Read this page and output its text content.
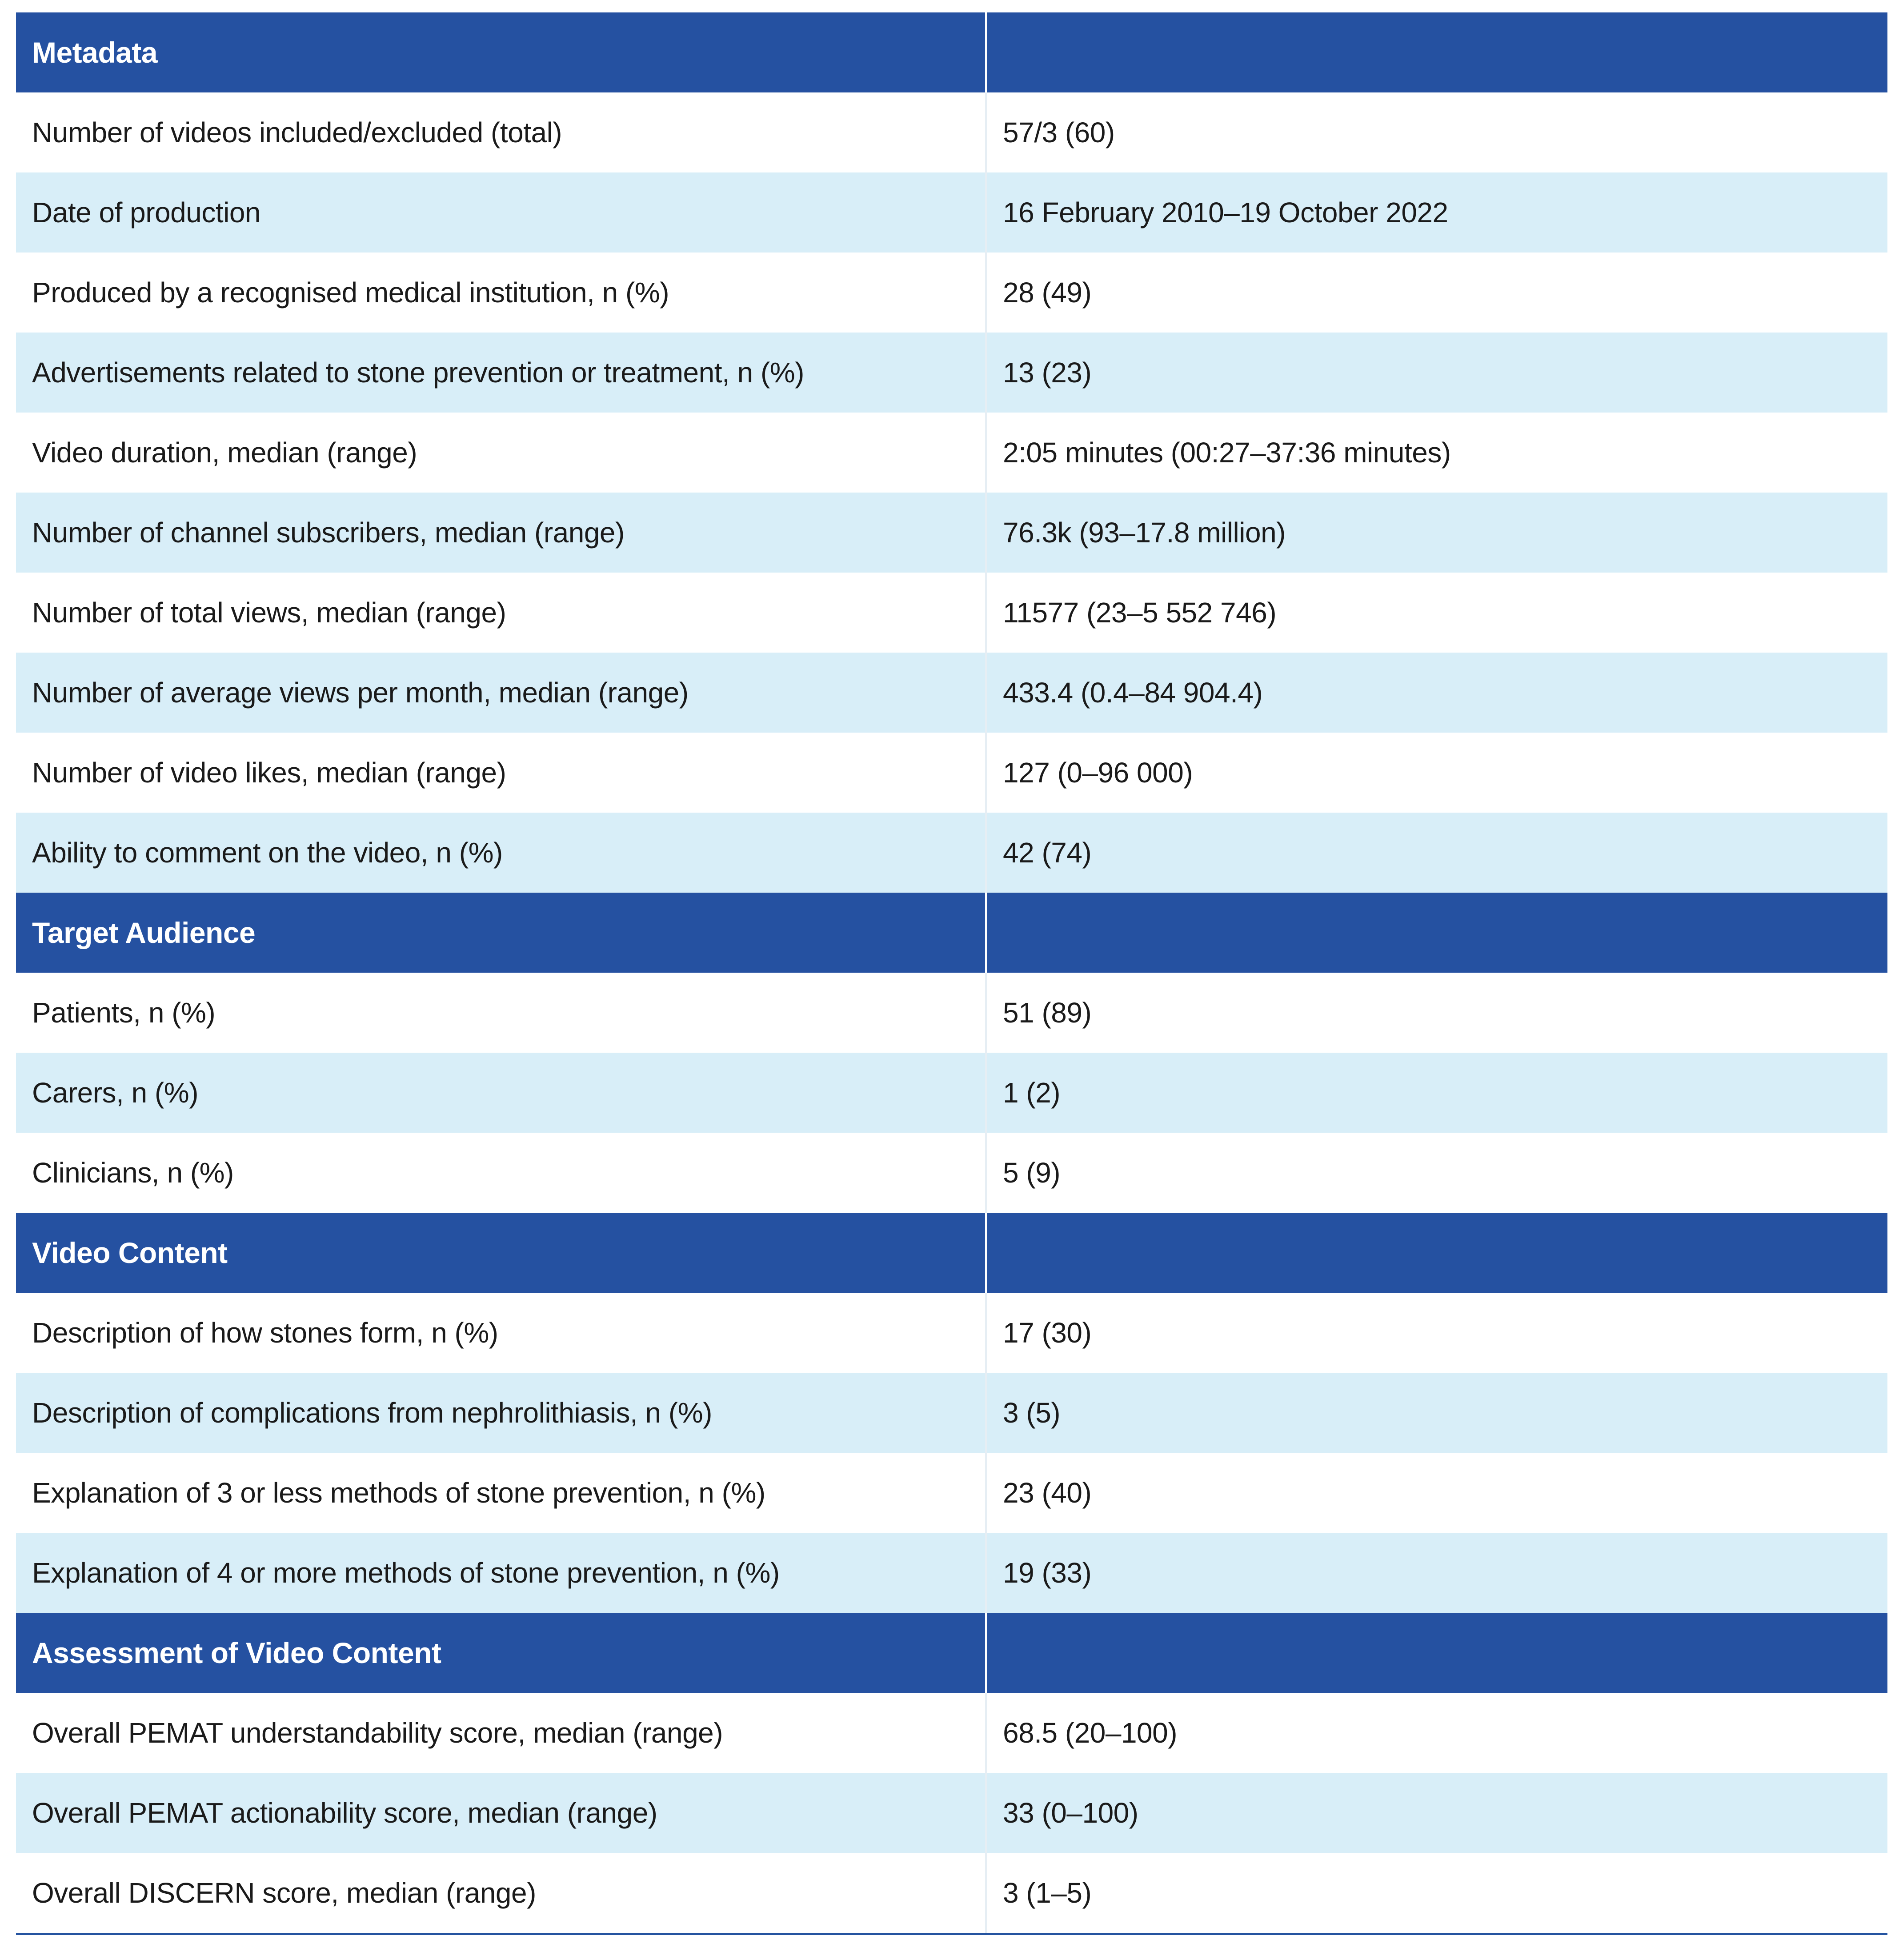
Metadata
Number of videos included/excluded (total)	57/3 (60)
Date of production	16 February 2010–19 October 2022
Produced by a recognised medical institution, n (%)	28 (49)
Advertisements related to stone prevention or treatment, n (%)	13 (23)
Video duration, median (range)	2:05 minutes (00:27–37:36 minutes)
Number of channel subscribers, median (range)	76.3k (93–17.8 million)
Number of total views, median (range)	11577 (23–5 552 746)
Number of average views per month, median (range)	433.4 (0.4–84 904.4)
Number of video likes, median (range)	127 (0–96 000)
Ability to comment on the video, n (%)	42 (74)
Target Audience
Patients, n (%)	51 (89)
Carers, n (%)	1 (2)
Clinicians, n (%)	5 (9)
Video Content
Description of how stones form, n (%)	17 (30)
Description of complications from nephrolithiasis, n (%)	3 (5)
Explanation of 3 or less methods of stone prevention, n (%)	23 (40)
Explanation of 4 or more methods of stone prevention, n (%)	19 (33)
Assessment of Video Content
Overall PEMAT understandability score, median (range)	68.5 (20–100)
Overall PEMAT actionability score, median (range)	33 (0–100)
Overall DISCERN score, median (range)	3 (1–5)
